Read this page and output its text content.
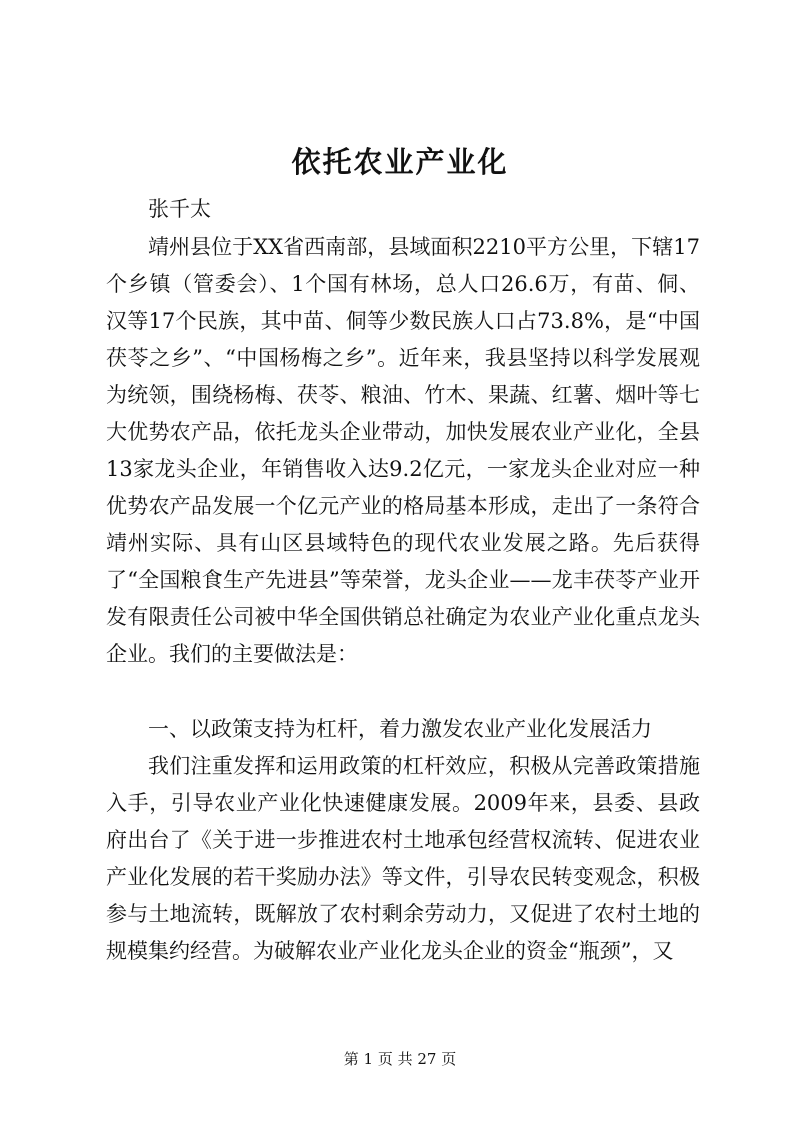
依托农业产业化
张千太
靖州县位于XX省西南部，县域面积2210平方公里，下辖17个乡镇（管委会）、1个国有林场，总人口26.6万，有苗、侗、汉等17个民族，其中苗、侗等少数民族人口占73.8%，是“中国茯苓之乡”、“中国杨梅之乡”。近年来，我县坚持以科学发展观为统领，围绕杨梅、茯苓、粮油、竹木、果蔬、红薯、烟叶等七大优势农产品，依托龙头企业带动，加快发展农业产业化，全县13家龙头企业，年销售收入达9.2亿元，一家龙头企业对应一种优势农产品发展一个亿元产业的格局基本形成，走出了一条符合靖州实际、具有山区县域特色的现代农业发展之路。先后获得了“全国粮食生产先进县”等荣誉，龙头企业——龙丰茯苓产业开发有限责任公司被中华全国供销总社确定为农业产业化重点龙头企业。我们的主要做法是：
一、以政策支持为杠杆，着力激发农业产业化发展活力
我们注重发挥和运用政策的杠杆效应，积极从完善政策措施入手，引导农业产业化快速健康发展。2009年来，县委、县政府出台了《关于进一步推进农村土地承包经营权流转、促进农业产业化发展的若干奖励办法》等文件，引导农民转变观念，积极参与土地流转，既解放了农村剩余劳动力，又促进了农村土地的规模集约经营。为破解农业产业化龙头企业的资金“瓶颈”，又
第 1 页 共 27 页
